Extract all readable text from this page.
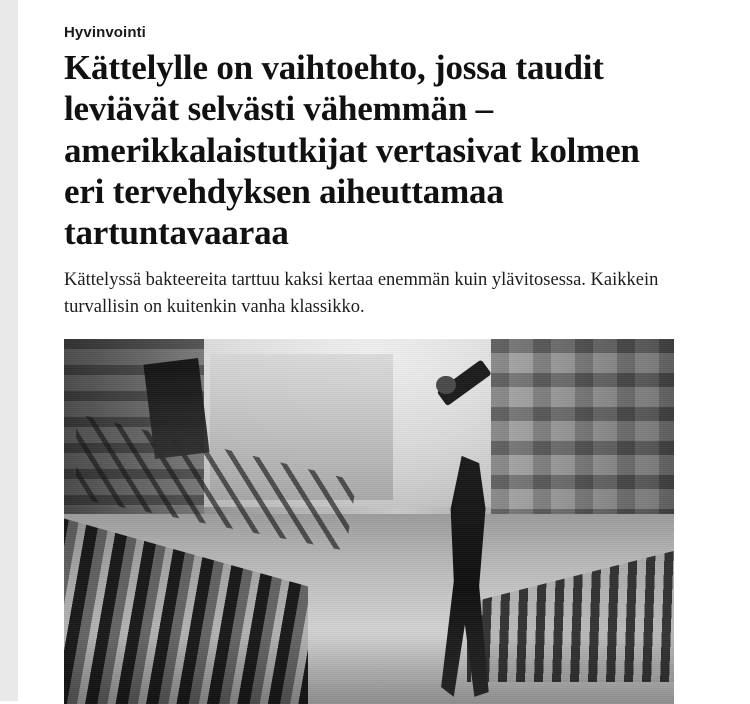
Hyvinvointi
Kättelylle on vaihtoehto, jossa taudit leviävät selvästi vähemmän – amerikkalaistutkijat vertasivat kolmen eri tervehdyksen aiheuttamaa tartuntavaaraa

Kättelyssä bakteereita tarttuu kaksi kertaa enemmän kuin ylävitosessa. Kaikkein turvallisin on kuitenkin vanha klassikko.
